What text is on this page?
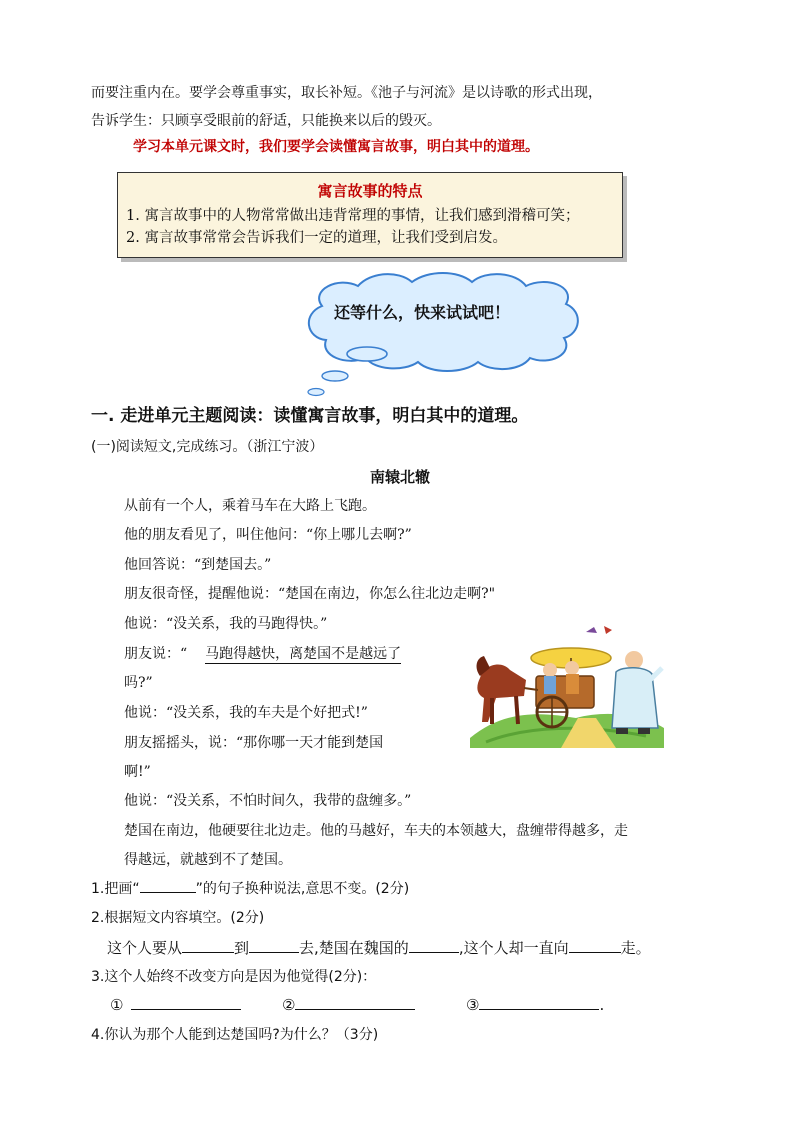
而要注重内在。要学会尊重事实，取长补短。《池子与河流》是以诗歌的形式出现，
告诉学生：只顾享受眼前的舒适，只能换来以后的毁灭。
学习本单元课文时，我们要学会读懂寓言故事，明白其中的道理。
寓言故事的特点
1. 寓言故事中的人物常常做出违背常理的事情，让我们感到滑稽可笑；
2. 寓言故事常常会告诉我们一定的道理，让我们受到启发。
还等什么，快来试试吧！
一. 走进单元主题阅读：读懂寓言故事，明白其中的道理。
(一)阅读短文,完成练习。（浙江宁波）
南辕北辙
从前有一个人，乘着马车在大路上飞跑。
他的朋友看见了，叫住他问：“你上哪儿去啊?”
他回答说：“到楚国去。”
朋友很奇怪，提醒他说：“楚国在南边，你怎么往北边走啊?"
他说：“没关系，我的马跑得快。”
朋友说：“ 马跑得越快，离楚国不是越远了
吗?”
他说：“没关系，我的车夫是个好把式!”
朋友摇摇头，说：“那你哪一天才能到楚国
啊!”
他说：“没关系，不怕时间久，我带的盘缠多。”
楚国在南边，他硬要往北边走。他的马越好，车夫的本领越大，盘缠带得越多，走
得越远，就越到不了楚国。
1.把画“	”的句子换种说法,意思不变。(2分)
2.根据短文内容填空。(2分)
这个人要从	到	去,楚国在魏国的	,这个人却一直向	走。
3.这个人始终不改变方向是因为他觉得(2分)：
①	②	③	.
4.你认为那个人能到达楚国吗?为什么？（3分)
